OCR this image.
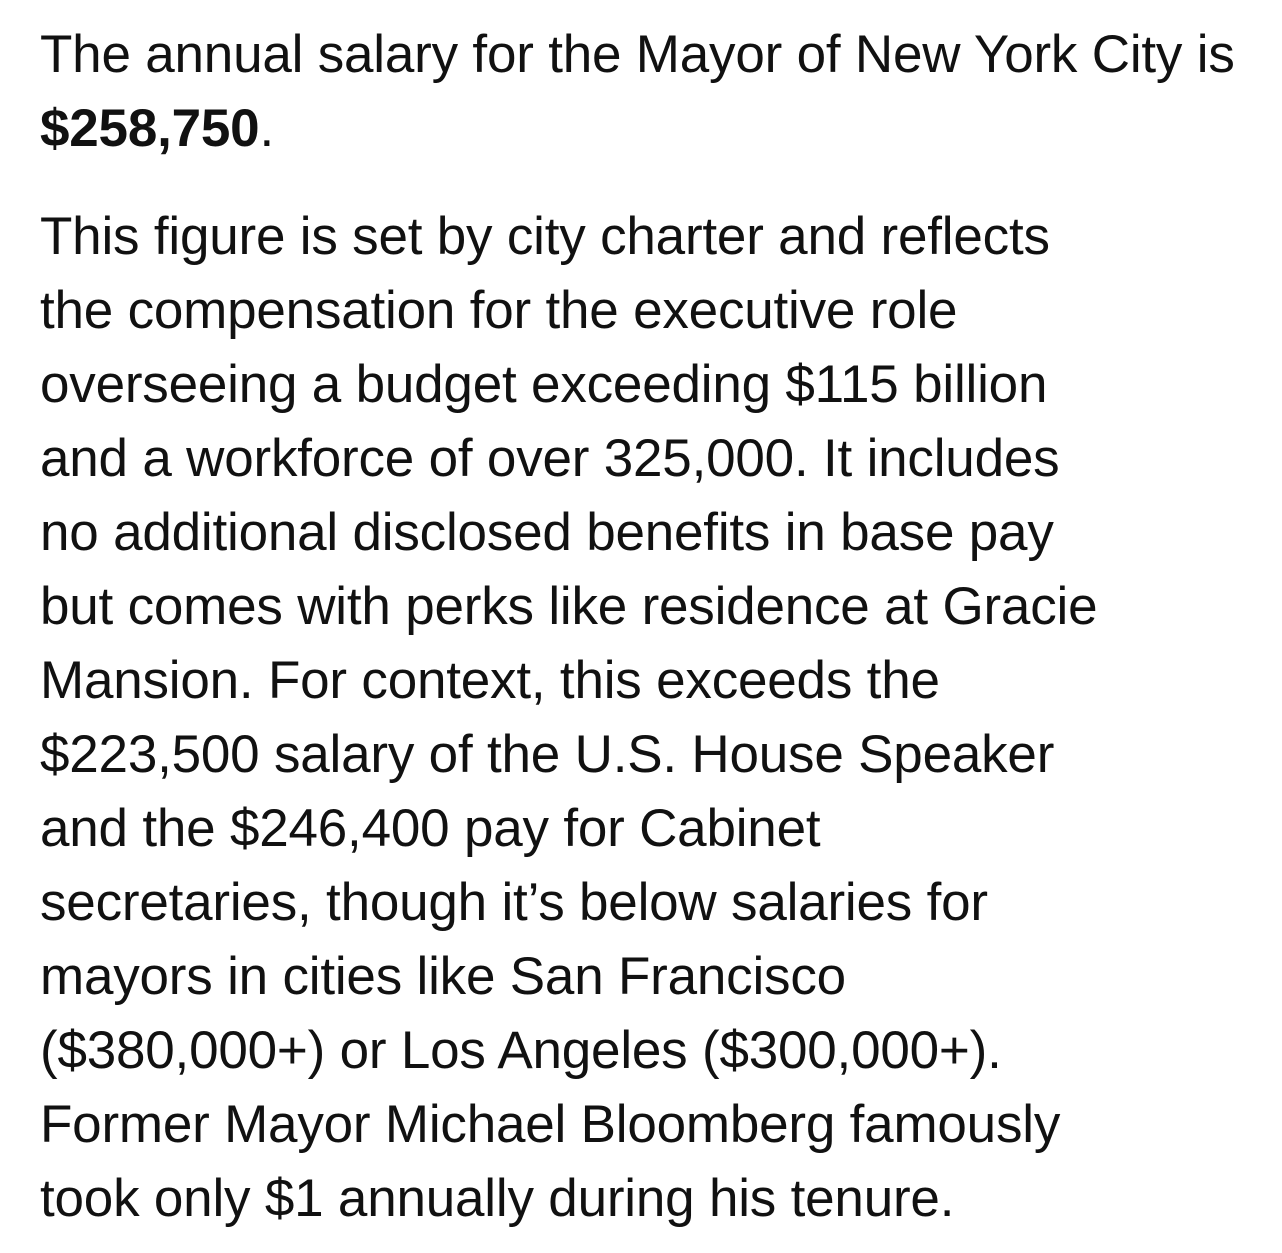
The annual salary for the Mayor of New York City is $258,750.

This figure is set by city charter and reflects
the compensation for the executive role
overseeing a budget exceeding $115 billion
and a workforce of over 325,000. It includes
no additional disclosed benefits in base pay
but comes with perks like residence at Gracie
Mansion. For context, this exceeds the
$223,500 salary of the U.S. House Speaker
and the $246,400 pay for Cabinet
secretaries, though it’s below salaries for
mayors in cities like San Francisco
($380,000+) or Los Angeles ($300,000+).
Former Mayor Michael Bloomberg famously
took only $1 annually during his tenure.
